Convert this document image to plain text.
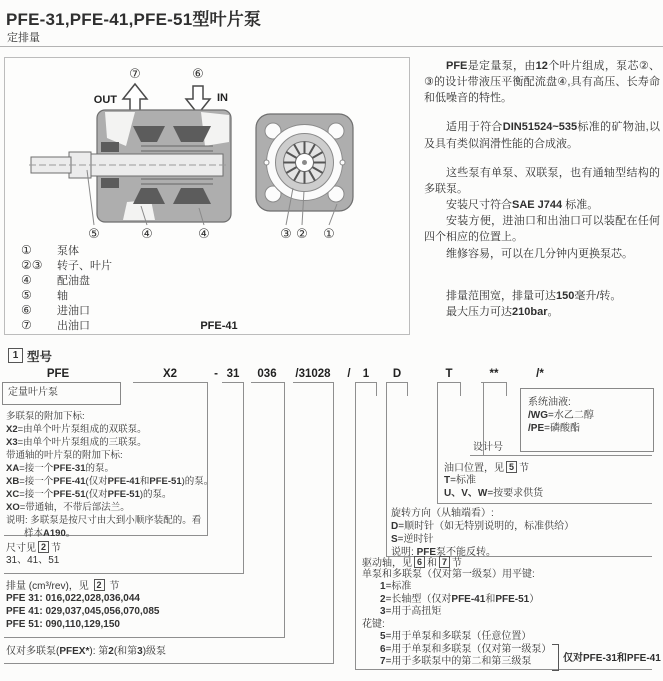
PFE-31,PFE-41,PFE-51型叶片泵
定排量
⑦	⑥
OUT	IN
⑤	④	④	③ ② ①
① 泵体
②③ 转子、叶片
④ 配油盘
⑤ 轴
⑥ 进油口
⑦ 出油口	PFE-41

PFE是定量泵，由12个叶片组成，泵芯②、③的设计带液压平衡配流盘④,具有高压、长寿命和低噪音的特性。

适用于符合DIN51524~535标准的矿物油,以及具有类似润滑性能的合成液。

这些泵有单泵、双联泵，也有通轴型结构的多联泵。

安装尺寸符合SAE J744 标准。

安装方便，进油口和出油口可以装配在任何四个相应的位置上。

维修容易，可以在几分钟内更换泵芯。

排量范围宽，排量可达150毫升/转。

最大压力可达210bar。

1 型号
PFE	X2	- 31 036 /31028 / 1 D	T	**	/*
定量叶片泵
多联泵的附加下标:
X2=由单个叶片泵组成的双联泵。
X3=由单个叶片泵组成的三联泵。
带通轴的叶片泵的附加下标:
XA=接一个PFE-31的泵。
XB=接一个PFE-41(仅对PFE-41和PFE-51)的泵。
XC=接一个PFE-51(仅对PFE-51)的泵。
XO=带通轴，不带后部法兰。
说明: 多联泵是按尺寸由大到小顺序装配的。看
样本A190。
尺寸见 2 节
31、41、51
排量 (cm³/rev)，见 2 节
PFE 31: 016,022,028,036,044
PFE 41: 029,037,045,056,070,085
PFE 51: 090,110,129,150
仅对多联泵(PFEX*): 第2(和第3)级泵
系统油液:
/WG=水乙二醇
/PE=磷酸酯
设计号
油口位置，见 5 节
T=标准
U、V、W=按要求供货
旋转方向（从轴端看）:
D=顺时针（如无特别说明的，标准供给）
S=逆时针
说明: PFE泵不能反转。
驱动轴，见 6 和 7 节
单泵和多联泵（仅对第一级泵）用平键:
1=标准
2=长轴型（仅对PFE-41和PFE-51）
3=用于高扭矩
花键:
5=用于单泵和多联泵（任意位置）
6=用于单泵和多联泵（仅对第一级泵）
7=用于多联泵中的第二和第三级泵	仅对PFE-31和PFE-41
